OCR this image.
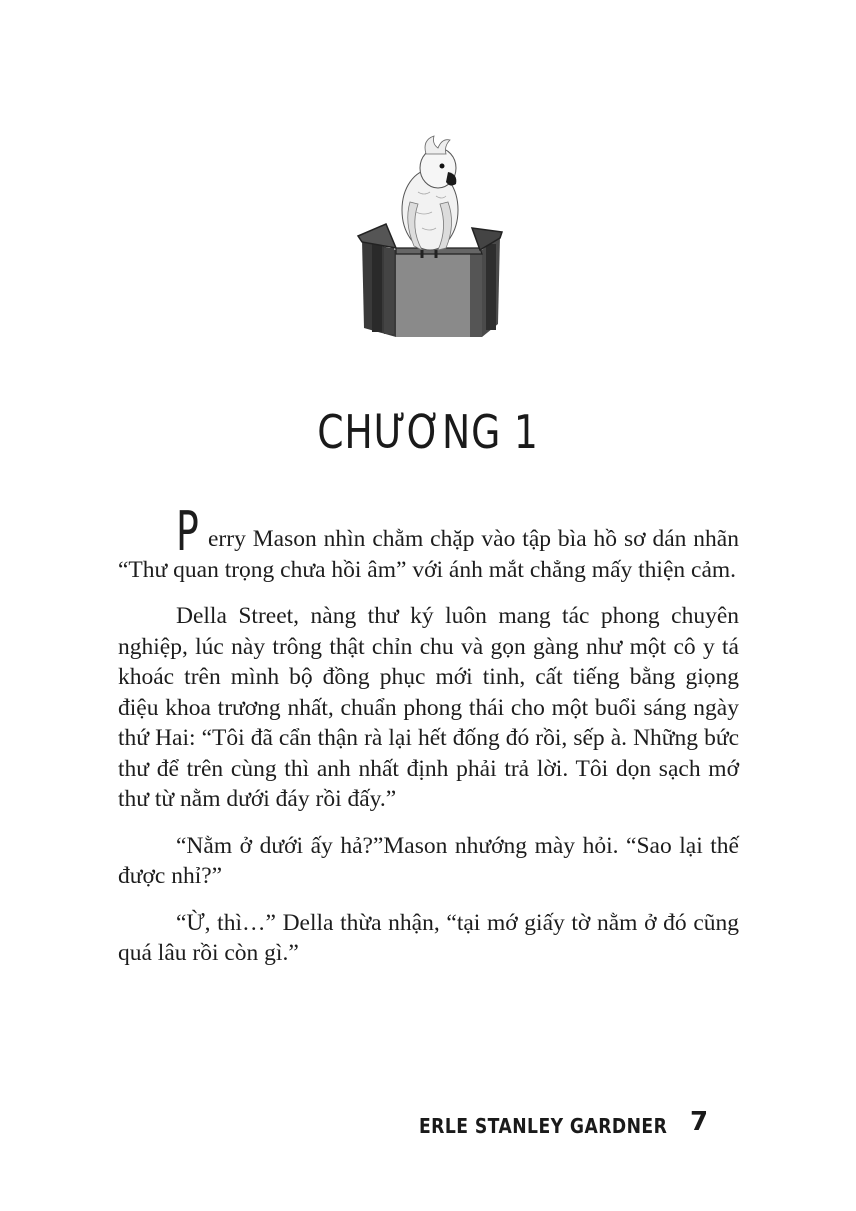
CHƯƠNG 1

Perry Mason nhìn chằm chặp vào tập bìa hồ sơ dán nhãn “Thư quan trọng chưa hồi âm” với ánh mắt chẳng mấy thiện cảm.

Della Street, nàng thư ký luôn mang tác phong chuyên nghiệp, lúc này trông thật chỉn chu và gọn gàng như một cô y tá khoác trên mình bộ đồng phục mới tinh, cất tiếng bằng giọng điệu khoa trương nhất, chuẩn phong thái cho một buổi sáng ngày thứ Hai: “Tôi đã cẩn thận rà lại hết đống đó rồi, sếp à. Những bức thư để trên cùng thì anh nhất định phải trả lời. Tôi dọn sạch mớ thư từ nằm dưới đáy rồi đấy.”

“Nằm ở dưới ấy hả?”Mason nhướng mày hỏi. “Sao lại thế được nhỉ?”

“Ừ, thì…” Della thừa nhận, “tại mớ giấy tờ nằm ở đó cũng quá lâu rồi còn gì.”

ERLE STANLEY GARDNER 7
